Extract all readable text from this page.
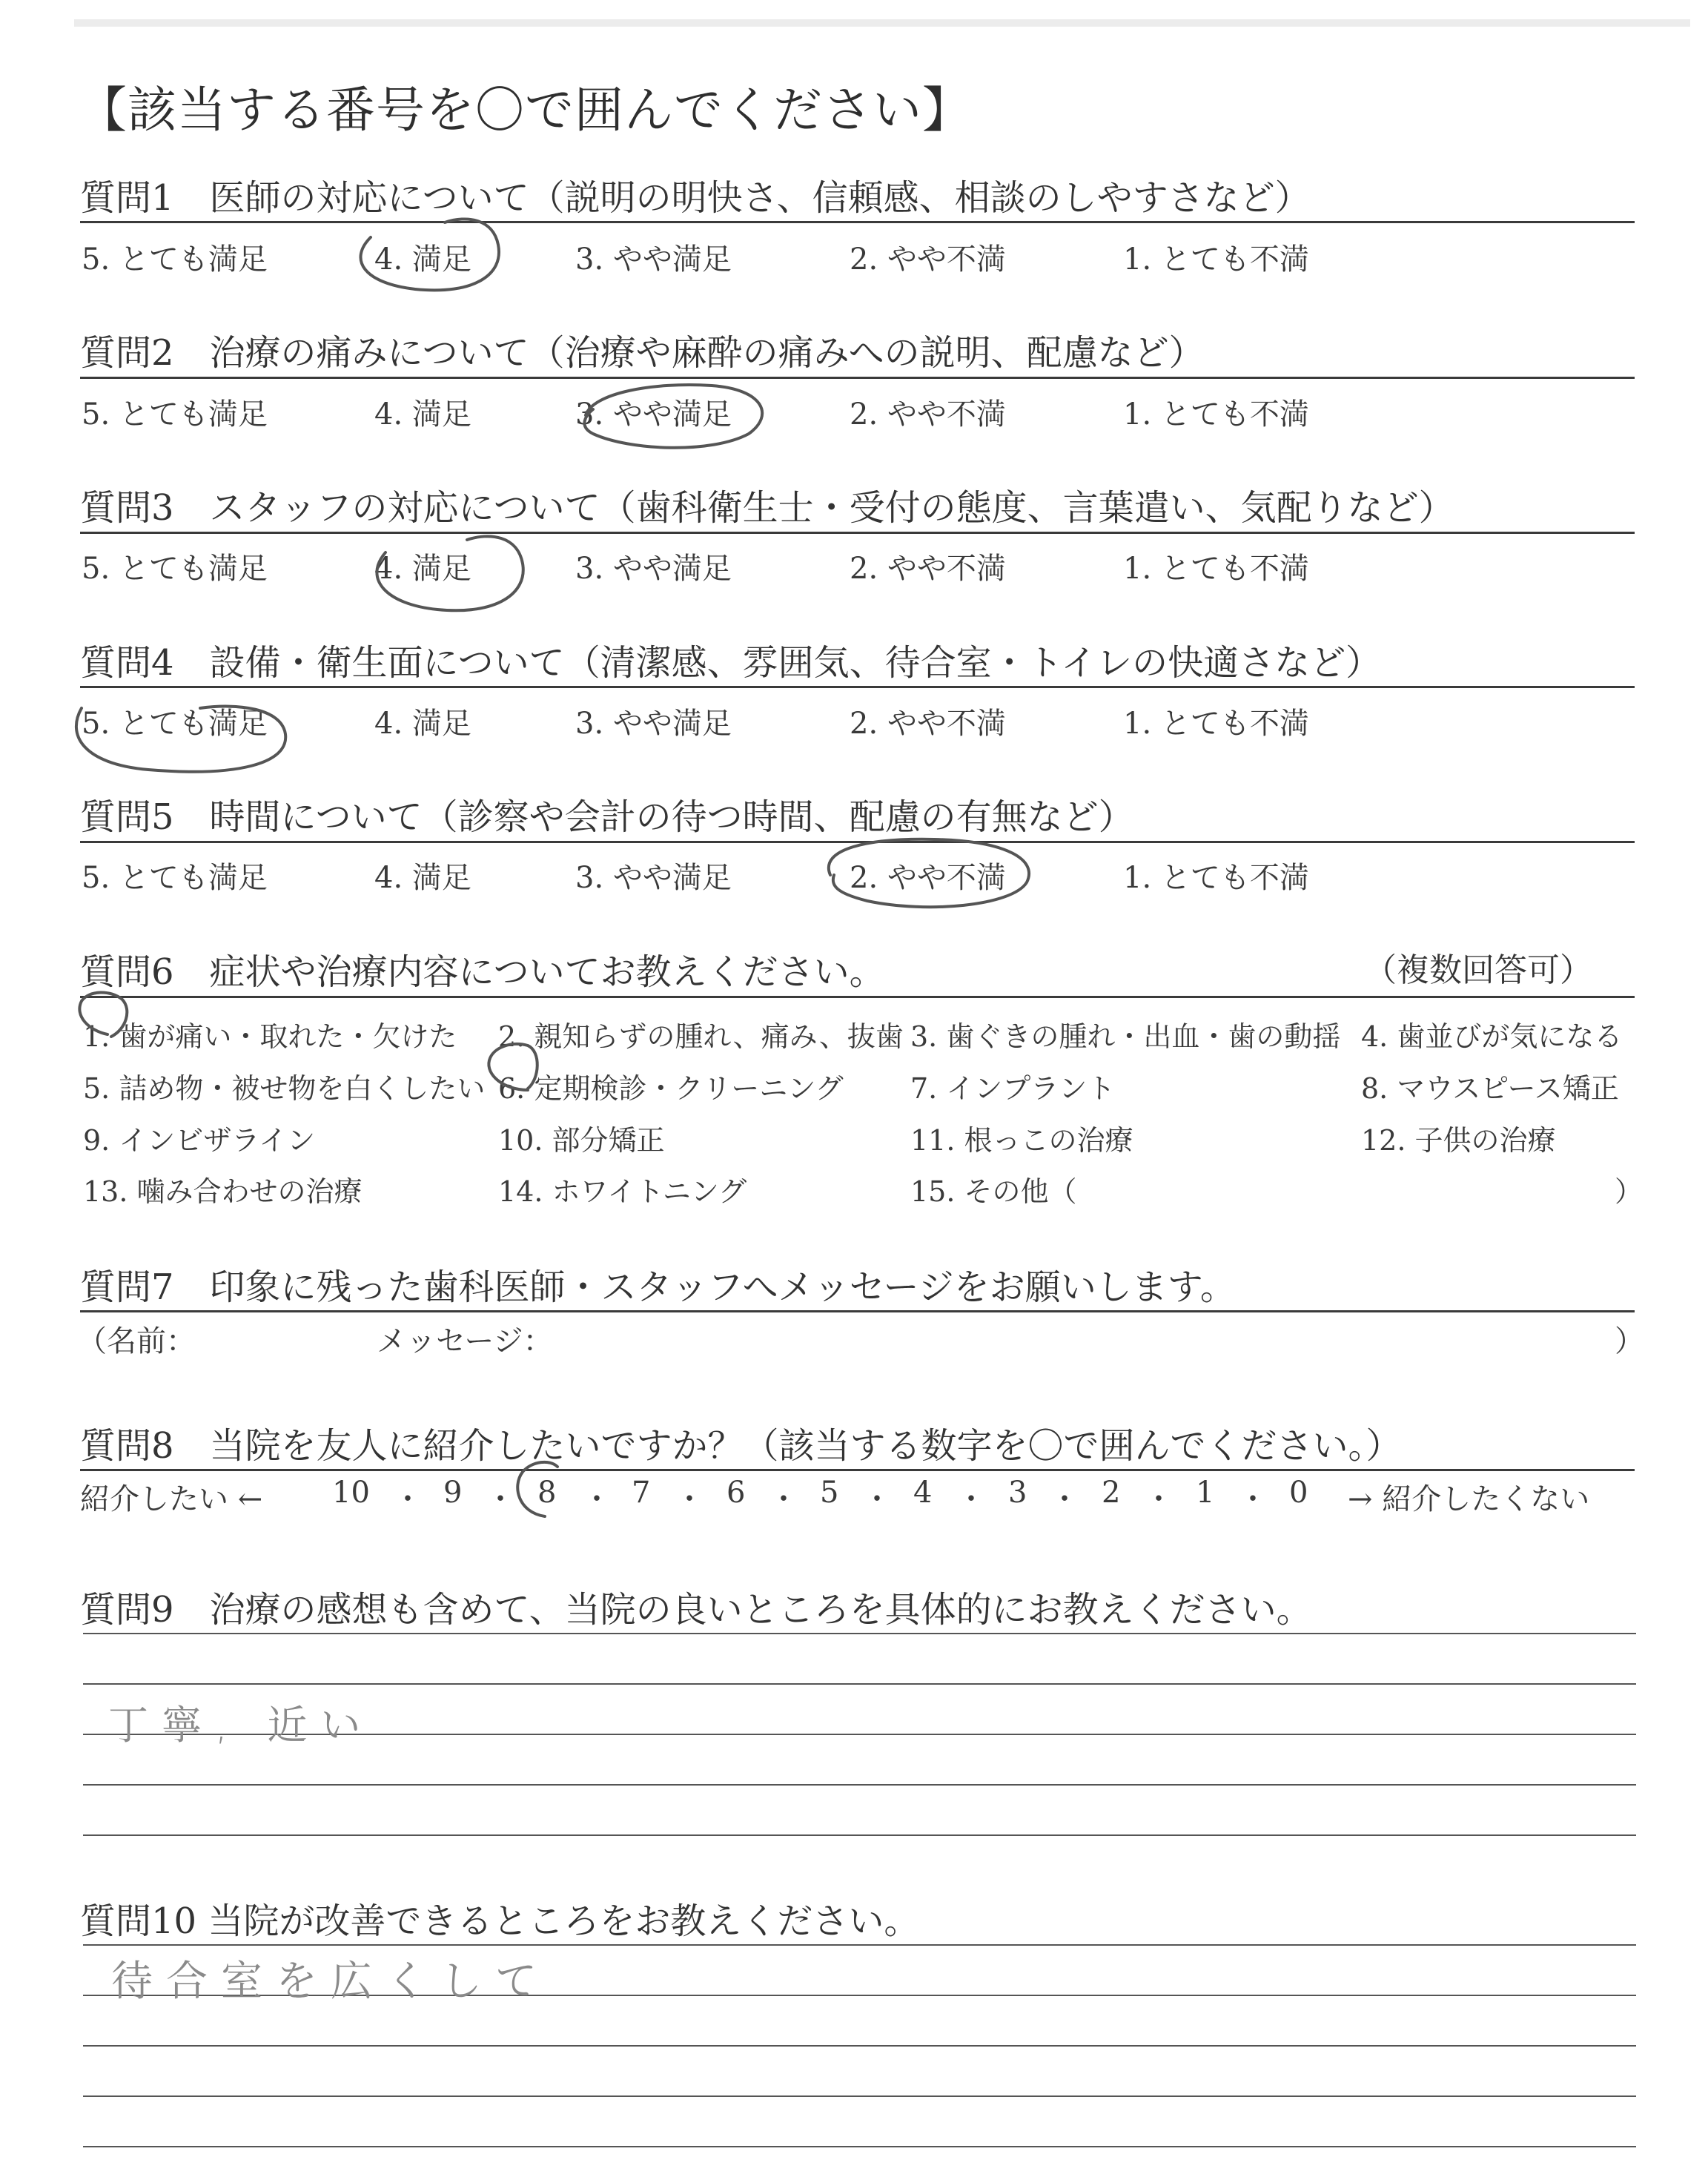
【該当する番号を〇で囲んでください】
質問1　医師の対応について（説明の明快さ、信頼感、相談のしやすさなど）
5. とても満足	4. 満足	3. やや満足	2. やや不満	1. とても不満
質問2　治療の痛みについて（治療や麻酔の痛みへの説明、配慮など）
5. とても満足	4. 満足	3. やや満足	2. やや不満	1. とても不満
質問3　スタッフの対応について（歯科衛生士・受付の態度、言葉遣い、気配りなど）
5. とても満足	4. 満足	3. やや満足	2. やや不満	1. とても不満
質問4　設備・衛生面について（清潔感、雰囲気、待合室・トイレの快適さなど）
5. とても満足	4. 満足	3. やや満足	2. やや不満	1. とても不満
質問5　時間について（診察や会計の待つ時間、配慮の有無など）
5. とても満足	4. 満足	3. やや満足	2. やや不満	1. とても不満
質問6　症状や治療内容についてお教えください。	（複数回答可）
1. 歯が痛い・取れた・欠けた 2. 親知らずの腫れ、痛み、抜歯 3. 歯ぐきの腫れ・出血・歯の動揺 4. 歯並びが気になる
5. 詰め物・被せ物を白くしたい 6. 定期検診・クリーニング 7. インプラント	8. マウスピース矯正
9. インビザライン	10. 部分矯正	11. 根っこの治療	12. 子供の治療
13. 噛み合わせの治療	14. ホワイトニング	15. その他（	）
質問7　印象に残った歯科医師・スタッフへメッセージをお願いします。
（名前：	メッセージ：	）
質問8　当院を友人に紹介したいですか？（該当する数字を〇で囲んでください。）
紹介したい ← 10 9	8	7	6	5	4	3	2	1	0
・ ・ ・ ・ ・ ・ ・ ・ ・ ・	→ 紹介したくない
質問9　治療の感想も含めて、当院の良いところを具体的にお教えください。
丁寧, 近い
質問10 当院が改善できるところをお教えください。
待合室を広くして
